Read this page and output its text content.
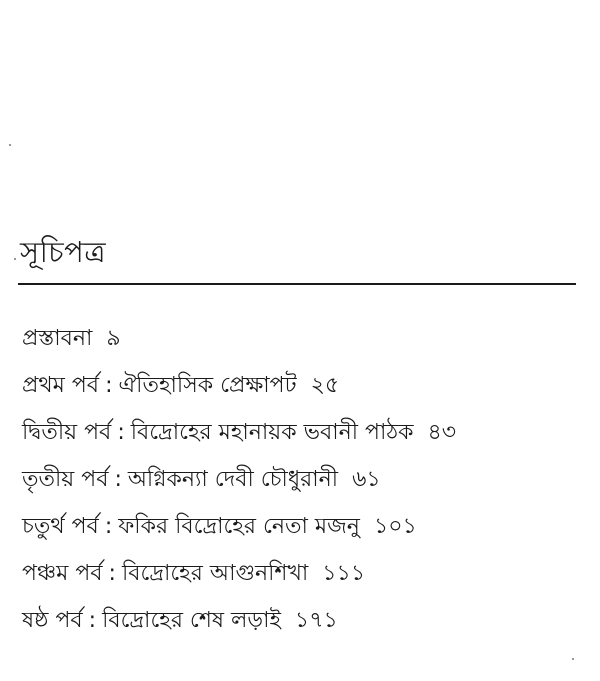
সূচিপত্র
প্রস্তাবনা ৯
প্রথম পর্ব : ঐতিহাসিক প্রেক্ষাপট ২৫
দ্বিতীয় পর্ব : বিদ্রোহের মহানায়ক ভবানী পাঠক ৪৩
তৃতীয় পর্ব : অগ্নিকন্যা দেবী চৌধুরানী ৬১
চতুর্থ পর্ব : ফকির বিদ্রোহের নেতা মজনু ১০১
পঞ্চম পর্ব : বিদ্রোহের আগুনশিখা ১১১
ষষ্ঠ পর্ব : বিদ্রোহের শেষ লড়াই ১৭১
